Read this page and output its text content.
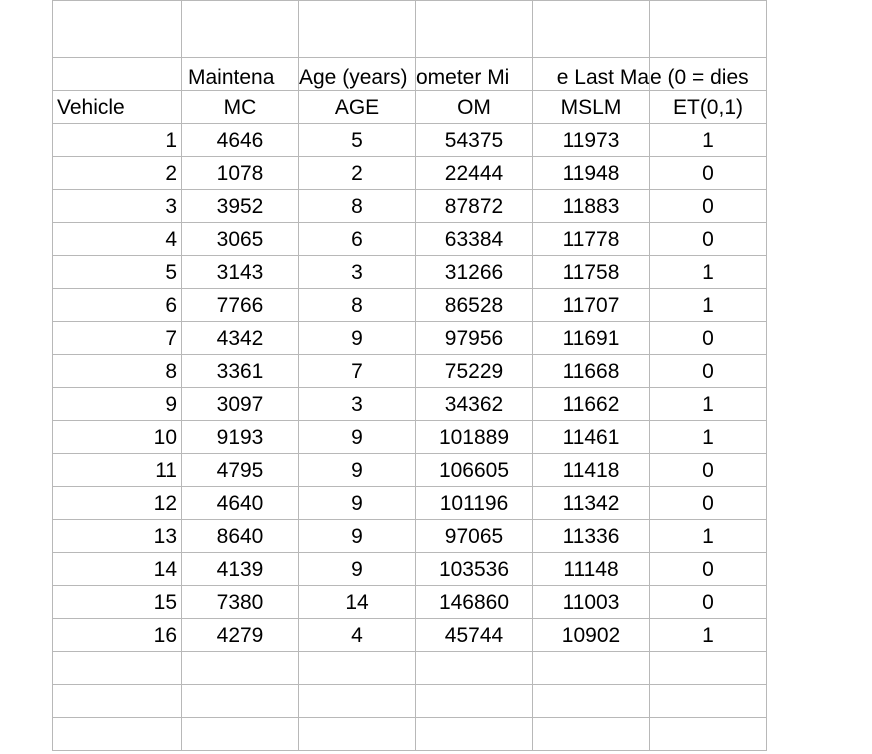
	Maintena	Age (years)	ometer Mi	e Last Ma	e (0 = dies
Vehicle	MC	AGE	OM	MSLM	ET(0,1)
1	4646	5	54375	11973	1
2	1078	2	22444	11948	0
3	3952	8	87872	11883	0
4	3065	6	63384	11778	0
5	3143	3	31266	11758	1
6	7766	8	86528	11707	1
7	4342	9	97956	11691	0
8	3361	7	75229	11668	0
9	3097	3	34362	11662	1
10	9193	9	101889	11461	1
11	4795	9	106605	11418	0
12	4640	9	101196	11342	0
13	8640	9	97065	11336	1
14	4139	9	103536	11148	0
15	7380	14	146860	11003	0
16	4279	4	45744	10902	1
